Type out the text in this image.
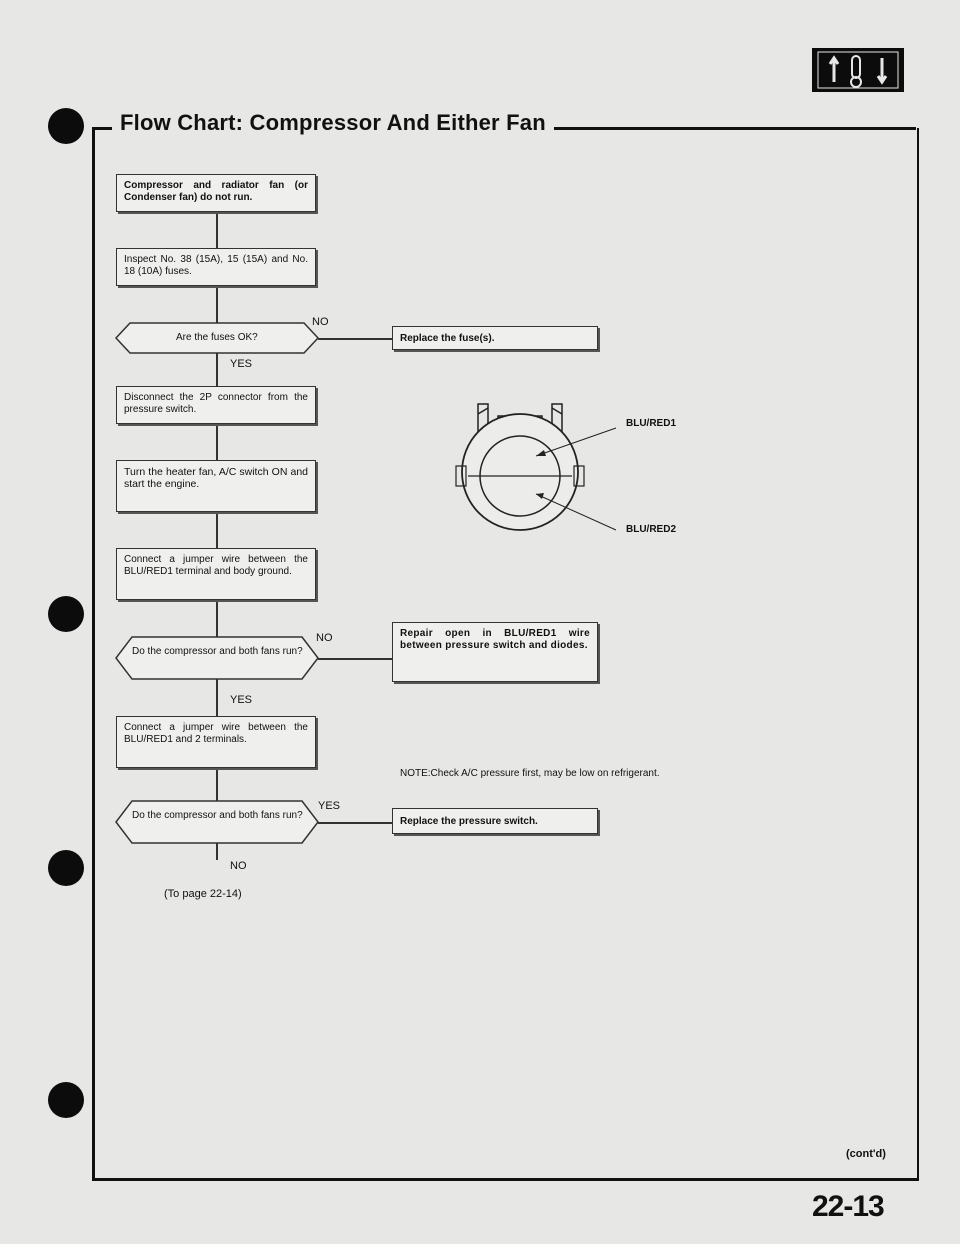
Flow Chart: Compressor And Either Fan
Compressor and radiator fan (or Condenser fan) do not run.
Inspect No. 38 (15A), 15 (15A) and No. 18 (10A) fuses.
Are the fuses OK?
NO
Replace the fuse(s).
YES
Disconnect the 2P connector from the pressure switch.
Turn the heater fan, A/C switch ON and start the engine.
Connect a jumper wire between the BLU/RED1 terminal and body ground.
Do the compressor and both fans run?
NO	Repair open in BLU/RED1 wire between pressure switch and diodes.
YES
Connect a jumper wire between the BLU/RED1 and 2 terminals.
Do the compressor and both fans run?
YES
Replace the pressure switch.
NO
(To page 22-14)
BLU/RED1
BLU/RED2
NOTE:Check A/C pressure first, may be low on refrigerant.
(cont'd)
22-13
